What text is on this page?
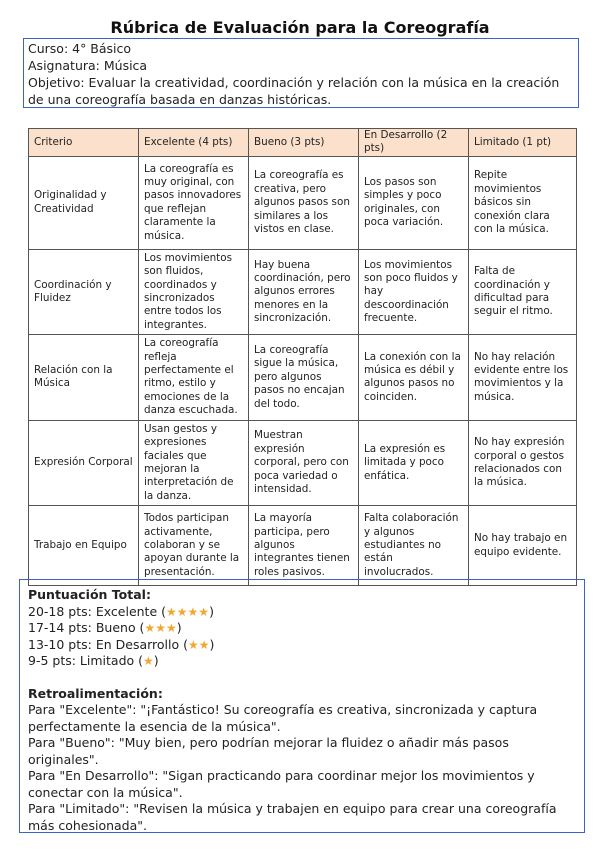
Rúbrica de Evaluación para la Coreografía
Curso: 4° Básico
Asignatura: Música
Objetivo: Evaluar la creatividad, coordinación y relación con la música en la creación de una coreografía basada en danzas históricas.
Criterio	Excelente (4 pts)	Bueno (3 pts)	En Desarrollo (2 pts)	Limitado (1 pt)
Originalidad y Creatividad	La coreografía es muy original, con pasos innovadores que reflejan claramente la música.	La coreografía es creativa, pero algunos pasos son similares a los vistos en clase.	Los pasos son simples y poco originales, con poca variación.	Repite movimientos básicos sin conexión clara con la música.
Coordinación y Fluidez	Los movimientos son fluidos, coordinados y sincronizados entre todos los integrantes.	Hay buena coordinación, pero algunos errores menores en la sincronización.	Los movimientos son poco fluidos y hay descoordinación frecuente.	Falta de coordinación y dificultad para seguir el ritmo.
Relación con la Música	La coreografía refleja perfectamente el ritmo, estilo y emociones de la danza escuchada.	La coreografía sigue la música, pero algunos pasos no encajan del todo.	La conexión con la música es débil y algunos pasos no coinciden.	No hay relación evidente entre los movimientos y la música.
Expresión Corporal	Usan gestos y expresiones faciales que mejoran la interpretación de la danza.	Muestran expresión corporal, pero con poca variedad o intensidad.	La expresión es limitada y poco enfática.	No hay expresión corporal o gestos relacionados con la música.
Trabajo en Equipo	Todos participan activamente, colaboran y se apoyan durante la presentación.	La mayoría participa, pero algunos integrantes tienen roles pasivos.	Falta colaboración y algunos estudiantes no están involucrados.	No hay trabajo en equipo evidente.
Puntuación Total:
20-18 pts: Excelente (★★★★)
17-14 pts: Bueno (★★★)
13-10 pts: En Desarrollo (★★)
9-5 pts: Limitado (★)
Retroalimentación:
Para "Excelente": "¡Fantástico! Su coreografía es creativa, sincronizada y captura perfectamente la esencia de la música".
Para "Bueno": "Muy bien, pero podrían mejorar la fluidez o añadir más pasos originales".
Para "En Desarrollo": "Sigan practicando para coordinar mejor los movimientos y conectar con la música".
Para "Limitado": "Revisen la música y trabajen en equipo para crear una coreografía más cohesionada".
